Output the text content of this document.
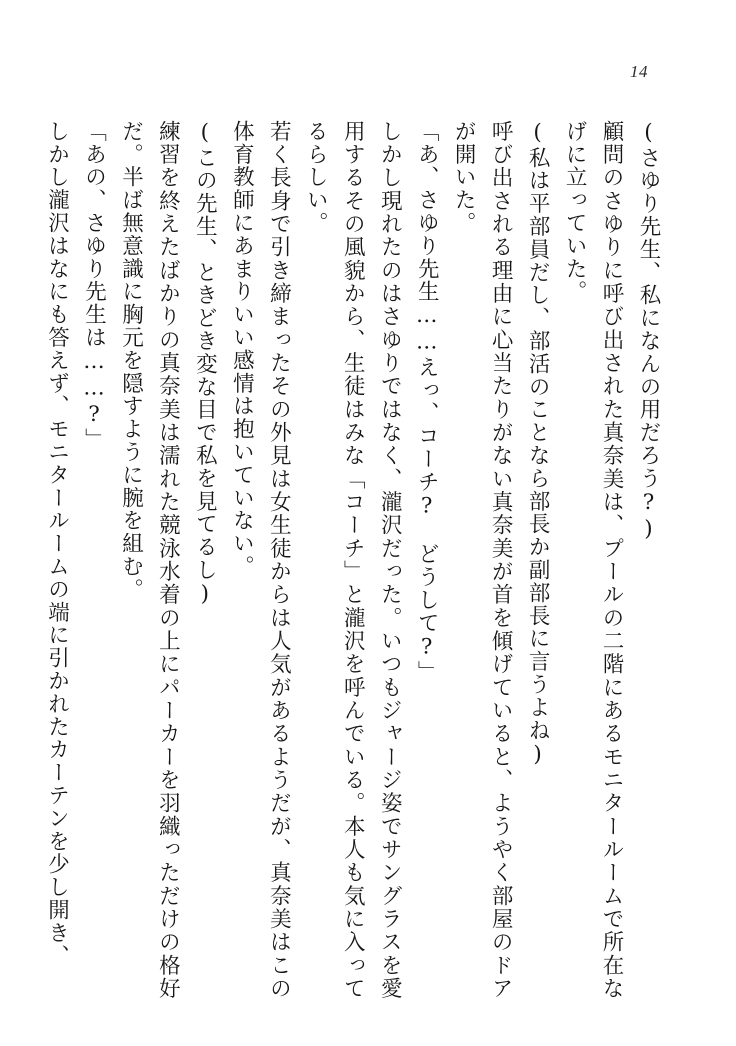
14

(さゆり先生、私になんの用だろう?)

顧問のさゆりに呼び出された真奈美は、プールの二階にあるモニタールームで所在なげに立っていた。

(私は平部員だし、部活のことなら部長か副部長に言うよね)

呼び出される理由に心当たりがない真奈美が首を傾げていると、ようやく部屋のドアが開いた。

「あ、さゆり先生……えっ、コーチ?　どうして?」

しかし現れたのはさゆりではなく、瀧沢だった。いつもジャージ姿でサングラスを愛用するその風貌から、生徒はみな「コーチ」と瀧沢を呼んでいる。本人も気に入ってるらしい。

若く長身で引き締まったその外見は女生徒からは人気があるようだが、真奈美はこの体育教師にあまりいい感情は抱いていない。

(この先生、ときどき変な目で私を見てるし)

練習を終えたばかりの真奈美は濡れた競泳水着の上にパーカーを羽織っただけの格好だ。半ば無意識に胸元を隠すように腕を組む。

「あの、さゆり先生は……?」

しかし瀧沢はなにも答えず、モニタールームの端に引かれたカーテンを少し開き、
